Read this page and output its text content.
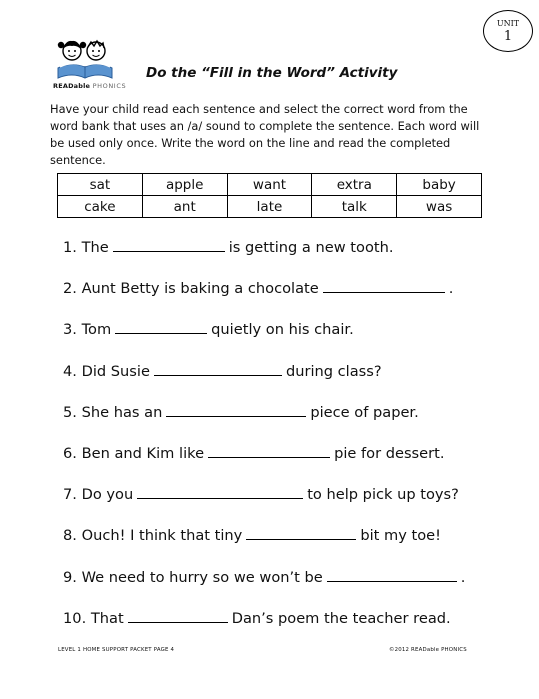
UNIT
1
READable PHONICS
Do the “Fill in the Word” Activity
Have your child read each sentence and select the correct word from the word bank that uses an /a/ sound to complete the sentence. Each word will be used only once. Write the word on the line and read the completed sentence.
sat	apple	want	extra	baby
cake	ant	late	talk	was
1. The	is getting a new tooth.
2. Aunt Betty is baking a chocolate	.
3. Tom	quietly on his chair.
4. Did Susie	during class?
5. She has an	piece of paper.
6. Ben and Kim like	pie for dessert.
7. Do you	to help pick up toys?
8. Ouch! I think that tiny	bit my toe!
9. We need to hurry so we won’t be	.
10. That	Dan’s poem the teacher read.
LEVEL 1 HOME SUPPORT PACKET PAGE 4	©2012 READable PHONICS
